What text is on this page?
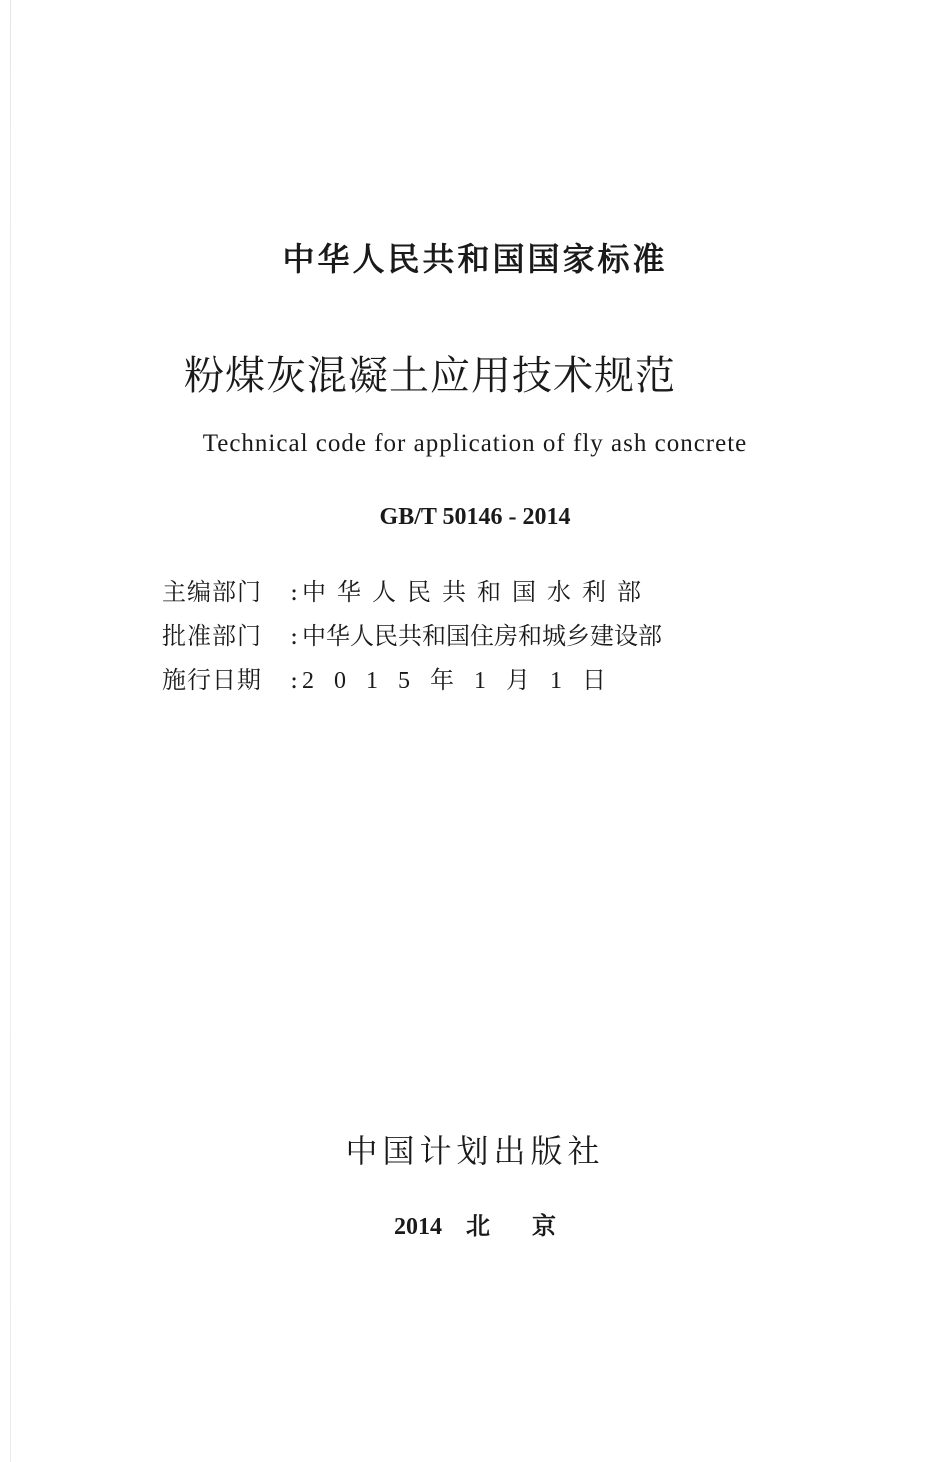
中华人民共和国国家标准
粉煤灰混凝土应用技术规范
Technical code for application of fly ash concrete
GB/T 50146 - 2014
主编部门	: 中华人民共和国水利部
批准部门	: 中华人民共和国住房和城乡建设部
施行日期	: 2015年1月1日
中国计划出版社
2014 北 京
